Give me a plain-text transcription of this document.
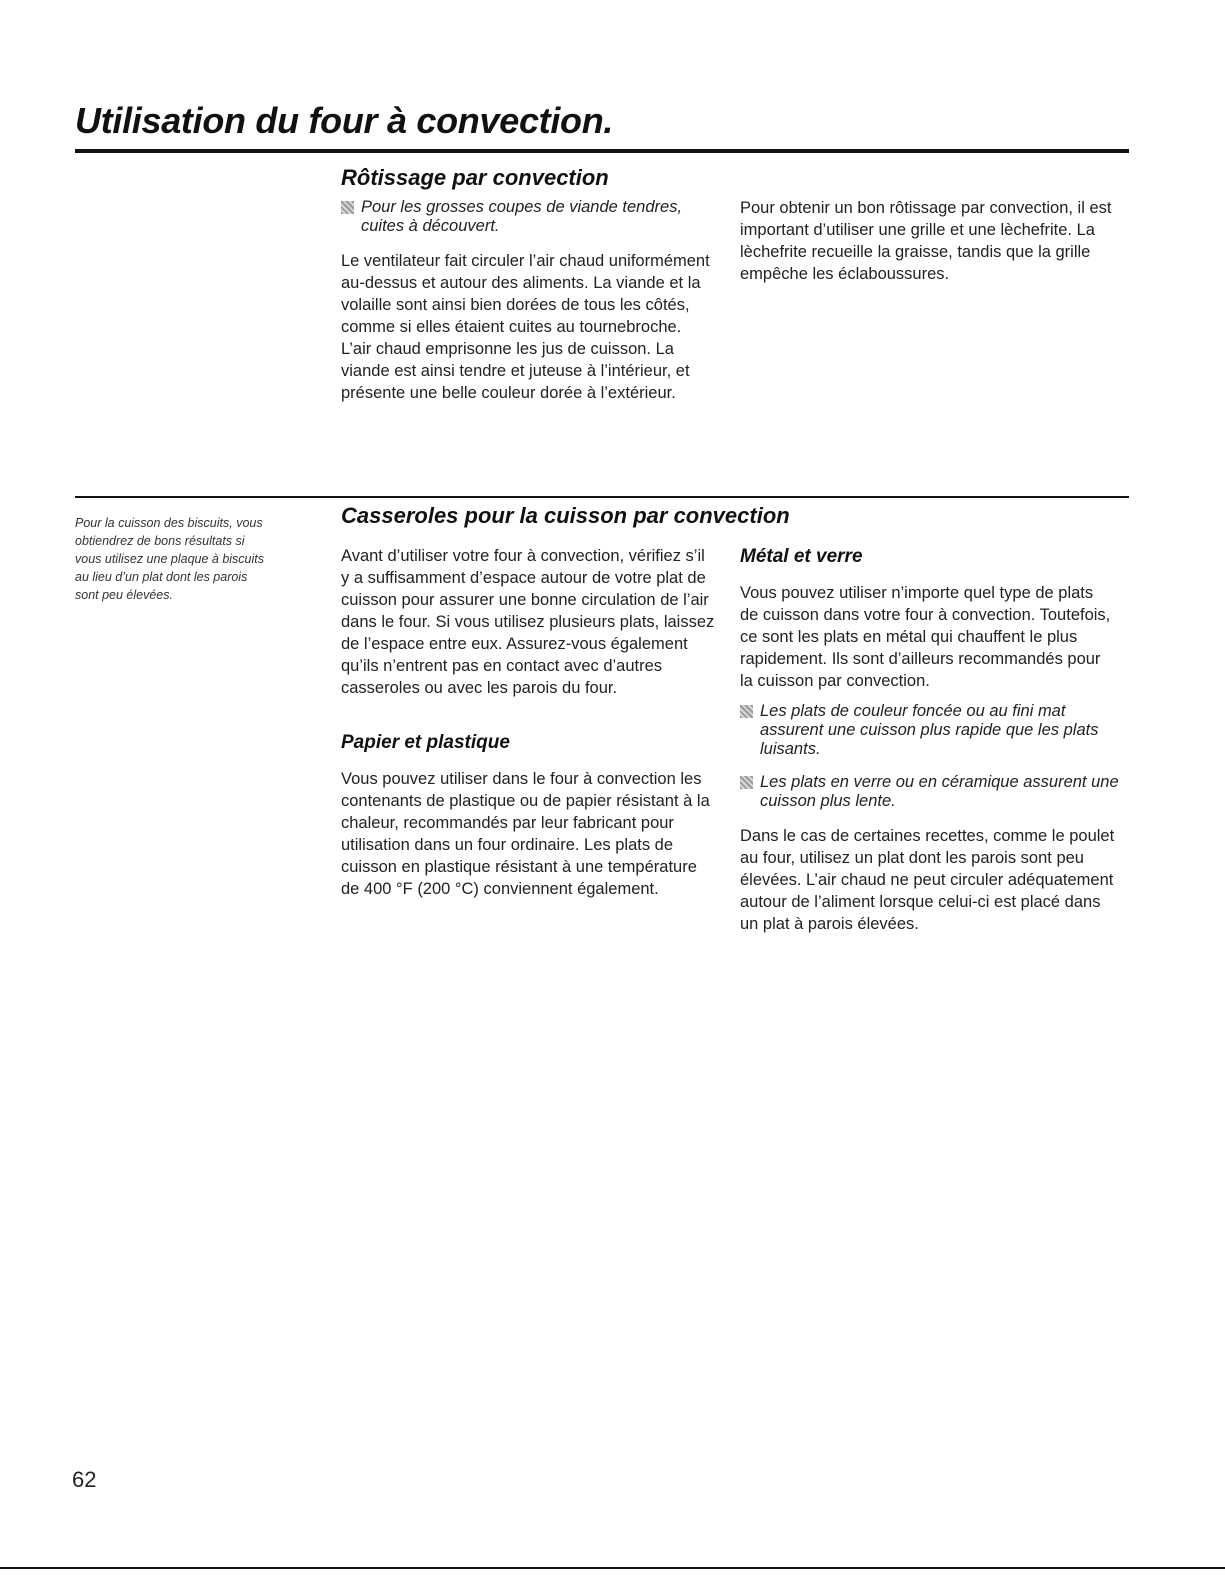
Utilisation du four à convection.
Rôtissage par convection

Pour les grosses coupes de viande tendres, cuites à découvert.

Le ventilateur fait circuler l’air chaud uniformément au-dessus et autour des aliments. La viande et la volaille sont ainsi bien dorées de tous les côtés, comme si elles étaient cuites au tournebroche. L’air chaud emprisonne les jus de cuisson. La viande est ainsi tendre et juteuse à l’intérieur, et présente une belle couleur dorée à l’extérieur.

Pour obtenir un bon rôtissage par convection, il est important d’utiliser une grille et une lèchefrite. La lèchefrite recueille la graisse, tandis que la grille empêche les éclaboussures.

Pour la cuisson des biscuits, vous obtiendrez de bons résultats si vous utilisez une plaque à biscuits au lieu d’un plat dont les parois sont peu élevées.

Casseroles pour la cuisson par convection

Avant d’utiliser votre four à convection, vérifiez s’il y a suffisamment d’espace autour de votre plat de cuisson pour assurer une bonne circulation de l’air dans le four. Si vous utilisez plusieurs plats, laissez de l’espace entre eux. Assurez-vous également qu’ils n’entrent pas en contact avec d’autres casseroles ou avec les parois du four.

Papier et plastique

Vous pouvez utiliser dans le four à convection les contenants de plastique ou de papier résistant à la chaleur, recommandés par leur fabricant pour utilisation dans un four ordinaire. Les plats de cuisson en plastique résistant à une température de 400 °F (200 °C) conviennent également.

Métal et verre

Vous pouvez utiliser n’importe quel type de plats de cuisson dans votre four à convection. Toutefois, ce sont les plats en métal qui chauffent le plus rapidement. Ils sont d’ailleurs recommandés pour la cuisson par convection.

Les plats de couleur foncée ou au fini mat assurent une cuisson plus rapide que les plats luisants.

Les plats en verre ou en céramique assurent une cuisson plus lente.

Dans le cas de certaines recettes, comme le poulet au four, utilisez un plat dont les parois sont peu élevées. L’air chaud ne peut circuler adéquatement autour de l’aliment lorsque celui-ci est placé dans un plat à parois élevées.

62
